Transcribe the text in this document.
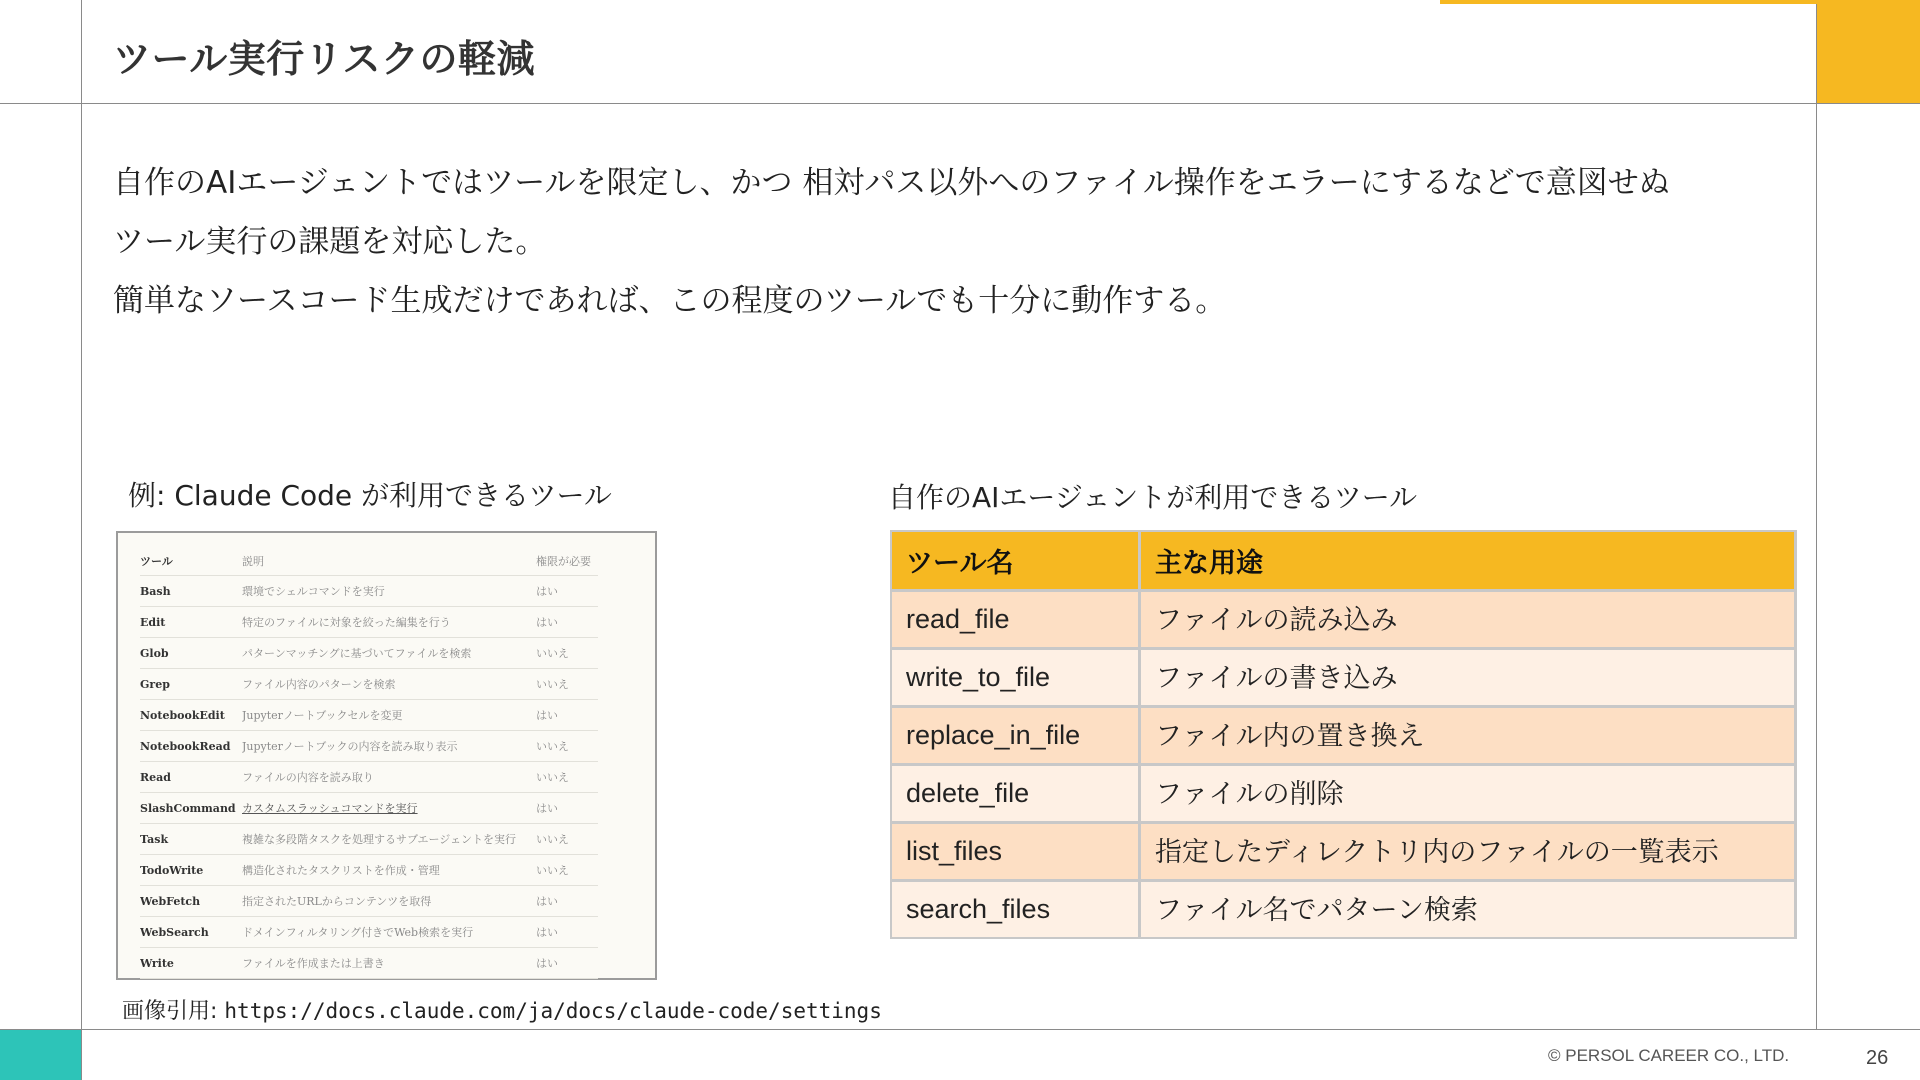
ツール実行リスクの軽減
自作のAIエージェントではツールを限定し、かつ 相対パス以外へのファイル操作をエラーにするなどで意図せぬ
ツール実行の課題を対応した。
簡単なソースコード生成だけであれば、この程度のツールでも十分に動作する。
例: Claude Code が利用できるツール	自作のAIエージェントが利用できるツール
ツール	説明	権限が必要
Bash	環境でシェルコマンドを実行	はい
Edit	特定のファイルに対象を絞った編集を行う	はい
Glob	パターンマッチングに基づいてファイルを検索	いいえ
Grep	ファイル内容のパターンを検索	いいえ
NotebookEdit	Jupyterノートブックセルを変更	はい
NotebookRead	Jupyterノートブックの内容を読み取り表示	いいえ
Read	ファイルの内容を読み取り	いいえ
SlashCommand	カスタムスラッシュコマンドを実行	はい
Task	複雑な多段階タスクを処理するサブエージェントを実行	いいえ
TodoWrite	構造化されたタスクリストを作成・管理	いいえ
WebFetch	指定されたURLからコンテンツを取得	はい
WebSearch	ドメインフィルタリング付きでWeb検索を実行	はい
Write	ファイルを作成または上書き	はい
画像引用: https://docs.claude.com/ja/docs/claude-code/settings
ツール名	主な用途
read_file	ファイルの読み込み
write_to_file	ファイルの書き込み
replace_in_file	ファイル内の置き換え
delete_file	ファイルの削除
list_files	指定したディレクトリ内のファイルの一覧表示
search_files	ファイル名でパターン検索
© PERSOL CAREER CO., LTD.	26
